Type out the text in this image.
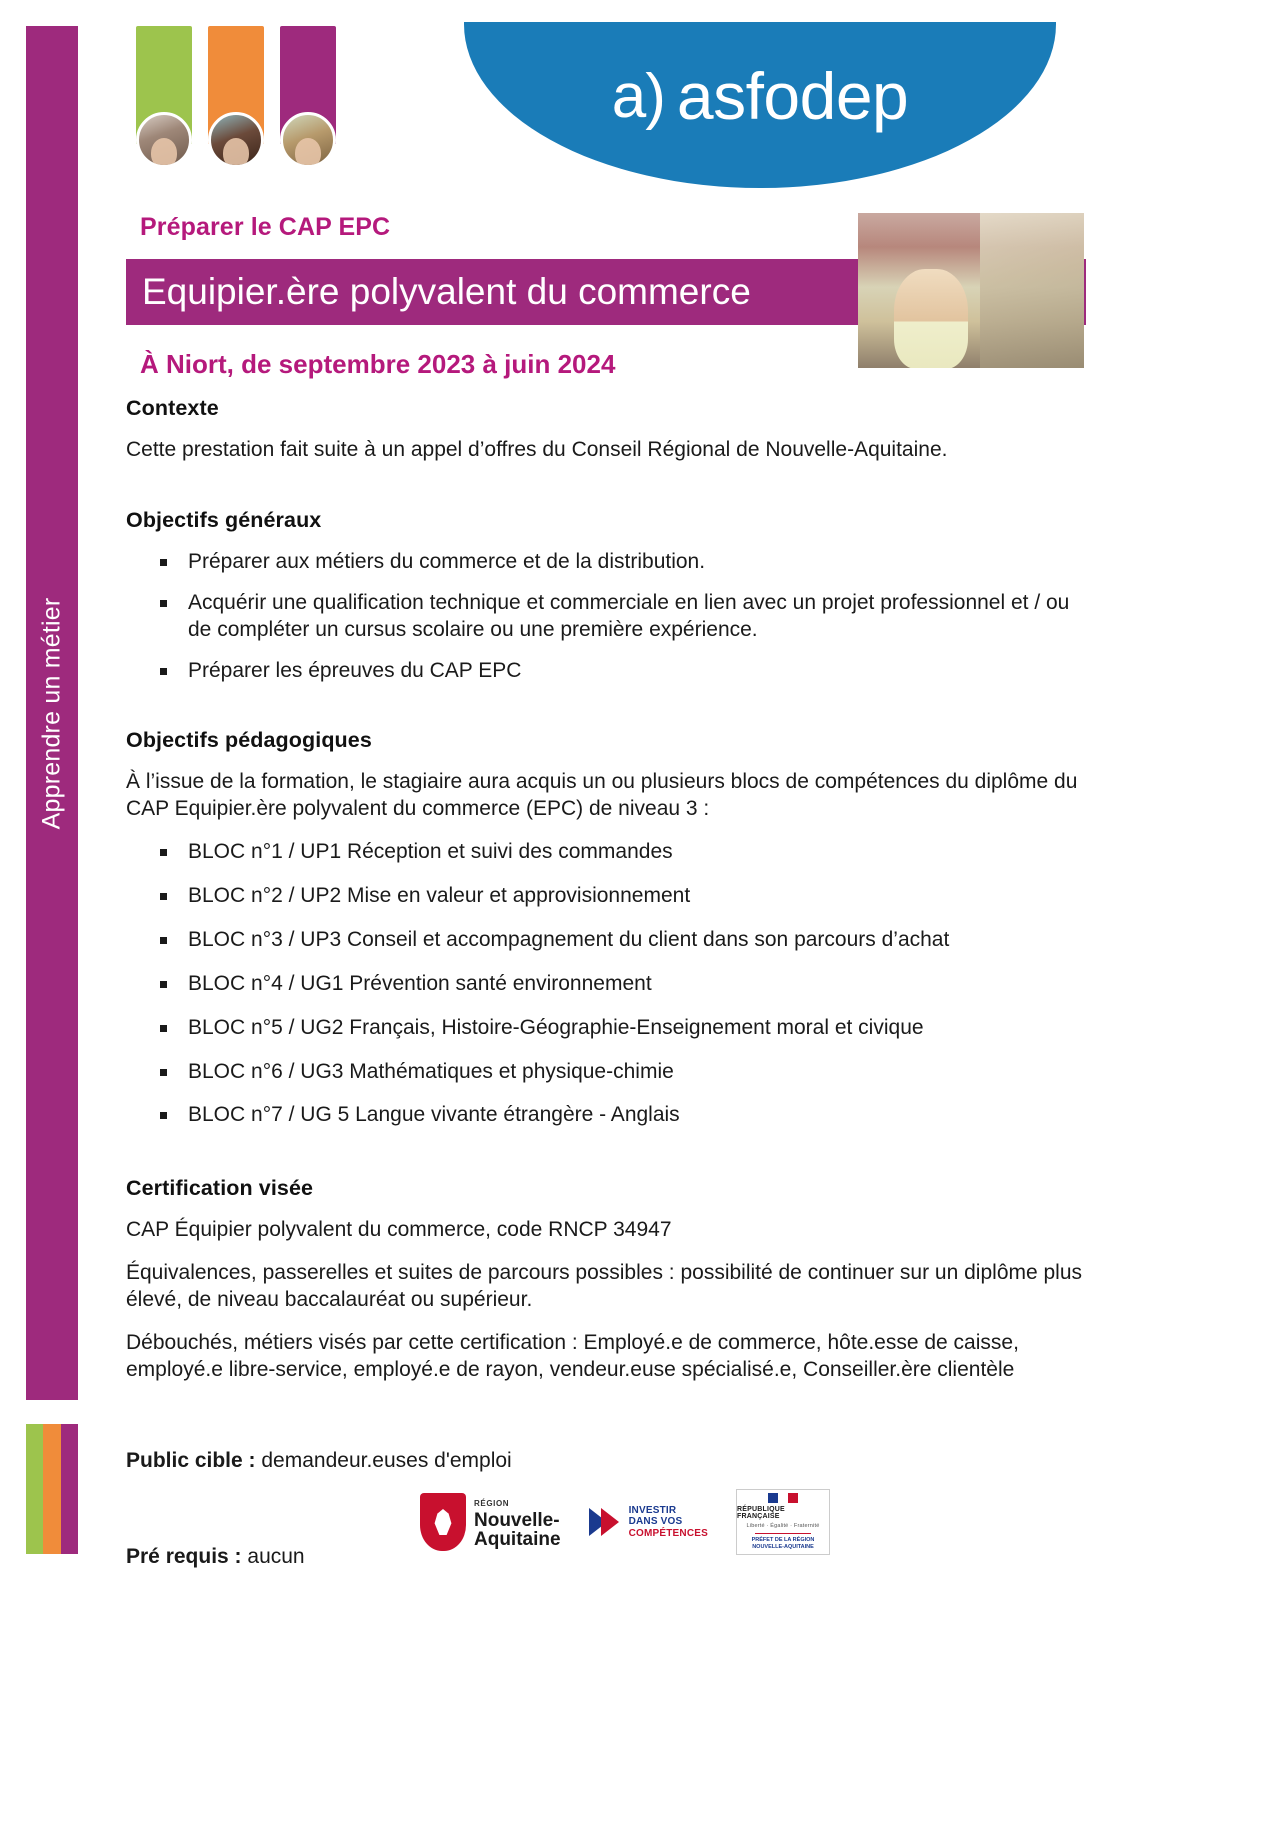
Apprendre un métier
a) asfodep
Préparer le CAP EPC
Equipier.ère polyvalent du commerce
À Niort, de septembre 2023 à juin 2024
Contexte

Cette prestation fait suite à un appel d’offres du Conseil Régional de Nouvelle-Aquitaine.

Objectifs généraux
Préparer aux métiers du commerce et de la distribution.
Acquérir une qualification technique et commerciale en lien avec un projet professionnel et / ou de compléter un cursus scolaire ou une première expérience.
Préparer les épreuves du CAP EPC
Objectifs pédagogiques

À l’issue de la formation, le stagiaire aura acquis un ou plusieurs blocs de compétences du diplôme du CAP Equipier.ère polyvalent du commerce (EPC) de niveau 3 :

BLOC n°1 / UP1 Réception et suivi des commandes
BLOC n°2 / UP2 Mise en valeur et approvisionnement
BLOC n°3 / UP3 Conseil et accompagnement du client dans son parcours d’achat
BLOC n°4 / UG1 Prévention santé environnement
BLOC n°5 / UG2 Français, Histoire-Géographie-Enseignement moral et civique
BLOC n°6 / UG3 Mathématiques et physique-chimie
BLOC n°7 / UG 5 Langue vivante étrangère - Anglais
Certification visée

CAP Équipier polyvalent du commerce, code RNCP 34947

Équivalences, passerelles et suites de parcours possibles : possibilité de continuer sur un diplôme plus élevé, de niveau baccalauréat ou supérieur.

Débouchés, métiers visés par cette certification : Employé.e de commerce, hôte.esse de caisse, employé.e libre-service, employé.e de rayon, vendeur.euse spécialisé.e, Conseiller.ère clientèle

Public cible : demandeur.euses d'emploi

Pré requis : aucun

RÉGION
Nouvelle-
Aquitaine
INVESTIR
DANS VOS
COMPÉTENCES
RÉPUBLIQUE FRANÇAISE
Liberté · Égalité · Fraternité
PRÉFET DE LA RÉGION NOUVELLE-AQUITAINE
